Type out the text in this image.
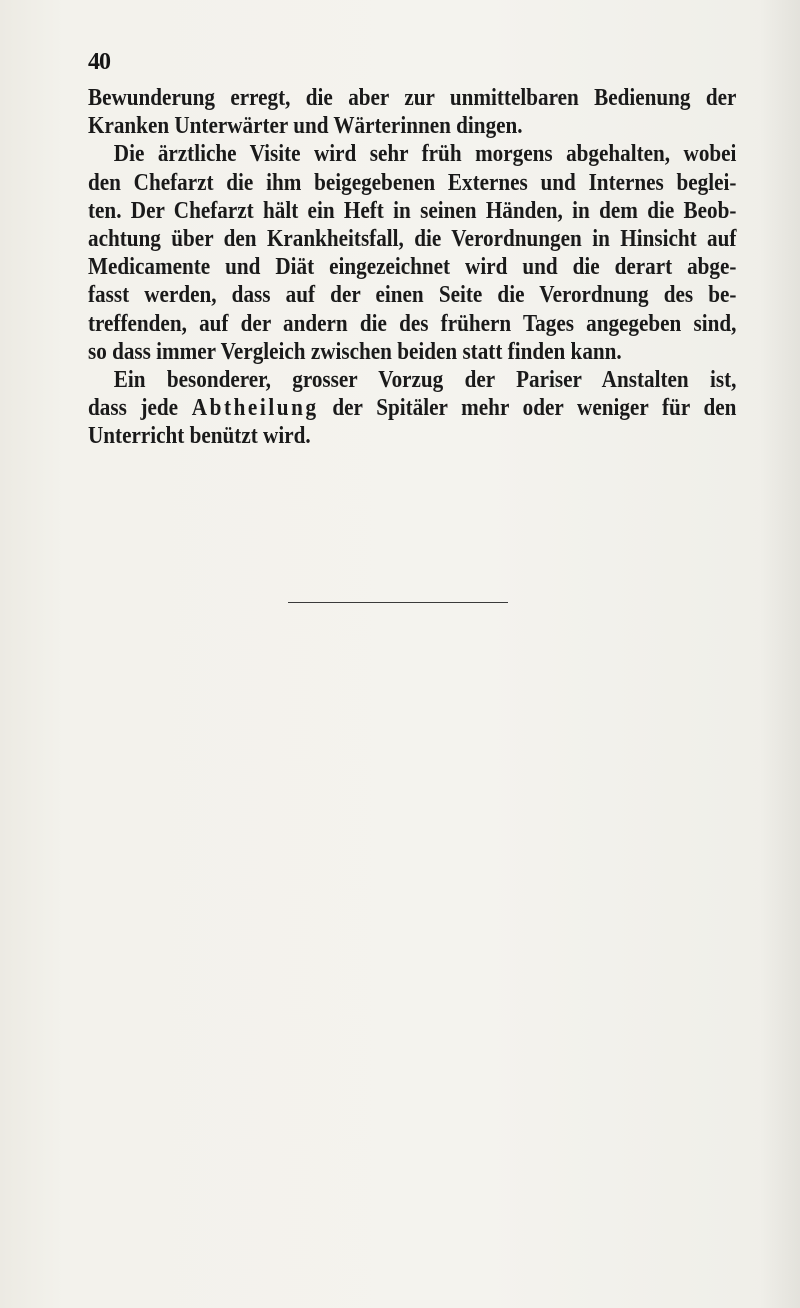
40

Bewunderung erregt, die aber zur unmittelbaren Bedienung der
Kranken Unterwärter und Wärterinnen dingen.

Die ärztliche Visite wird sehr früh morgens abgehalten, wobei
den Chefarzt die ihm beigegebenen Externes und Internes beglei-
ten. Der Chefarzt hält ein Heft in seinen Händen, in dem die Beob-
achtung über den Krankheitsfall, die Verordnungen in Hinsicht auf
Medicamente und Diät eingezeichnet wird und die derart abge-
fasst werden, dass auf der einen Seite die Verordnung des be-
treffenden, auf der andern die des frühern Tages angegeben sind,
so dass immer Vergleich zwischen beiden statt finden kann.

Ein besonderer, grosser Vorzug der Pariser Anstalten ist,
dass jede Abtheilung der Spitäler mehr oder weniger für den
Unterricht benützt wird.
